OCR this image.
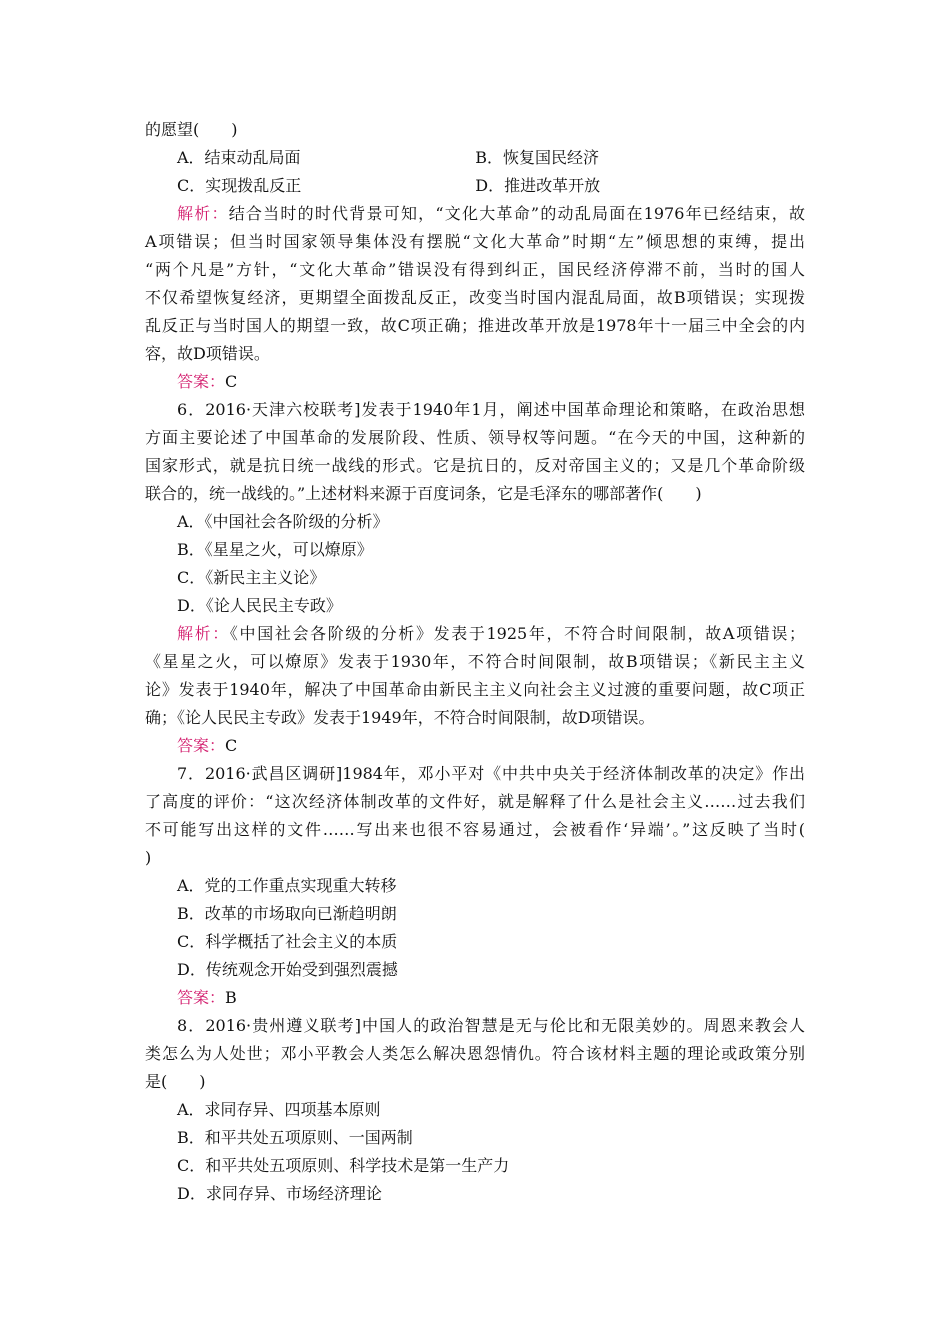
的愿望(　　)
A．结束动乱局面	B．恢复国民经济
C．实现拨乱反正	D．推进改革开放
解析：结合当时的时代背景可知，“文化大革命”的动乱局面在1976年已经结束，故
A项错误；但当时国家领导集体没有摆脱“文化大革命”时期“左”倾思想的束缚，提出
“两个凡是”方针，“文化大革命”错误没有得到纠正，国民经济停滞不前，当时的国人
不仅希望恢复经济，更期望全面拨乱反正，改变当时国内混乱局面，故B项错误；实现拨
乱反正与当时国人的期望一致，故C项正确；推进改革开放是1978年十一届三中全会的内
容，故D项错误。
答案：C
6．2016·天津六校联考]发表于1940年1月，阐述中国革命理论和策略，在政治思想
方面主要论述了中国革命的发展阶段、性质、领导权等问题。“在今天的中国，这种新的
国家形式，就是抗日统一战线的形式。它是抗日的，反对帝国主义的；又是几个革命阶级
联合的，统一战线的。”上述材料来源于百度词条，它是毛泽东的哪部著作(　　)
A．《中国社会各阶级的分析》
B．《星星之火，可以燎原》
C．《新民主主义论》
D．《论人民民主专政》
解析：《中国社会各阶级的分析》发表于1925年，不符合时间限制，故A项错误；
《星星之火，可以燎原》发表于1930年，不符合时间限制，故B项错误；《新民主主义
论》发表于1940年，解决了中国革命由新民主主义向社会主义过渡的重要问题，故C项正
确；《论人民民主专政》发表于1949年，不符合时间限制，故D项错误。
答案：C
7．2016·武昌区调研]1984年，邓小平对《中共中央关于经济体制改革的决定》作出
了高度的评价：“这次经济体制改革的文件好，就是解释了什么是社会主义……过去我们
不可能写出这样的文件……写出来也很不容易通过，会被看作‘异端’。”这反映了当时(
)
A．党的工作重点实现重大转移
B．改革的市场取向已渐趋明朗
C．科学概括了社会主义的本质
D．传统观念开始受到强烈震撼
答案：B
8．2016·贵州遵义联考]中国人的政治智慧是无与伦比和无限美妙的。周恩来教会人
类怎么为人处世；邓小平教会人类怎么解决恩怨情仇。符合该材料主题的理论或政策分别
是(　　)
A．求同存异、四项基本原则
B．和平共处五项原则、一国两制
C．和平共处五项原则、科学技术是第一生产力
D．求同存异、市场经济理论
